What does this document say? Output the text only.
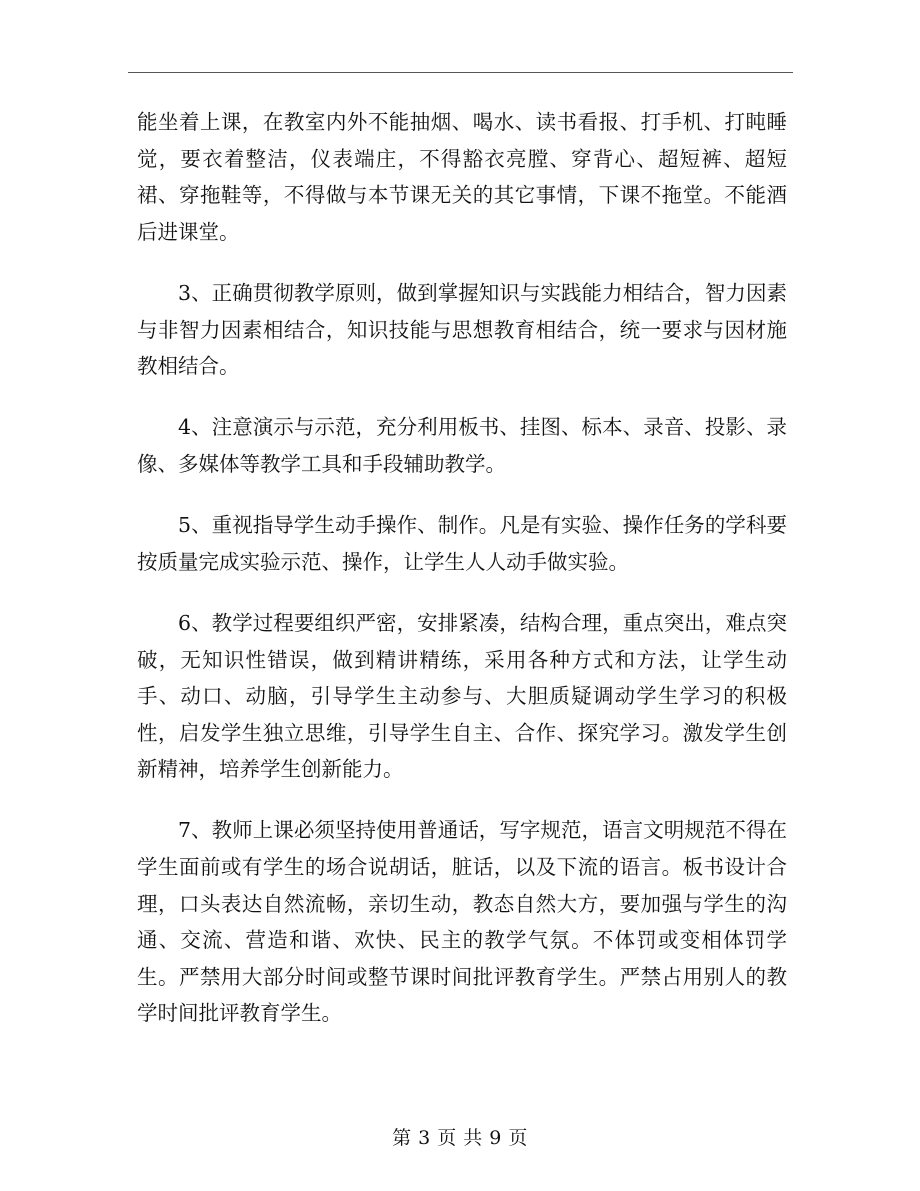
能坐着上课，在教室内外不能抽烟、喝水、读书看报、打手机、打盹睡觉，要衣着整洁，仪表端庄，不得豁衣亮膛、穿背心、超短裤、超短裙、穿拖鞋等，不得做与本节课无关的其它事情，下课不拖堂。不能酒后进课堂。

3、正确贯彻教学原则，做到掌握知识与实践能力相结合，智力因素与非智力因素相结合，知识技能与思想教育相结合，统一要求与因材施教相结合。

4、注意演示与示范，充分利用板书、挂图、标本、录音、投影、录像、多媒体等教学工具和手段辅助教学。

5、重视指导学生动手操作、制作。凡是有实验、操作任务的学科要按质量完成实验示范、操作，让学生人人动手做实验。

6、教学过程要组织严密，安排紧凑，结构合理，重点突出，难点突破，无知识性错误，做到精讲精练，采用各种方式和方法，让学生动手、动口、动脑，引导学生主动参与、大胆质疑调动学生学习的积极性，启发学生独立思维，引导学生自主、合作、探究学习。激发学生创新精神，培养学生创新能力。

7、教师上课必须坚持使用普通话，写字规范，语言文明规范不得在学生面前或有学生的场合说胡话，脏话，以及下流的语言。板书设计合理，口头表达自然流畅，亲切生动，教态自然大方，要加强与学生的沟通、交流、营造和谐、欢快、民主的教学气氛。不体罚或变相体罚学生。严禁用大部分时间或整节课时间批评教育学生。严禁占用别人的教学时间批评教育学生。

第 3 页 共 9 页
